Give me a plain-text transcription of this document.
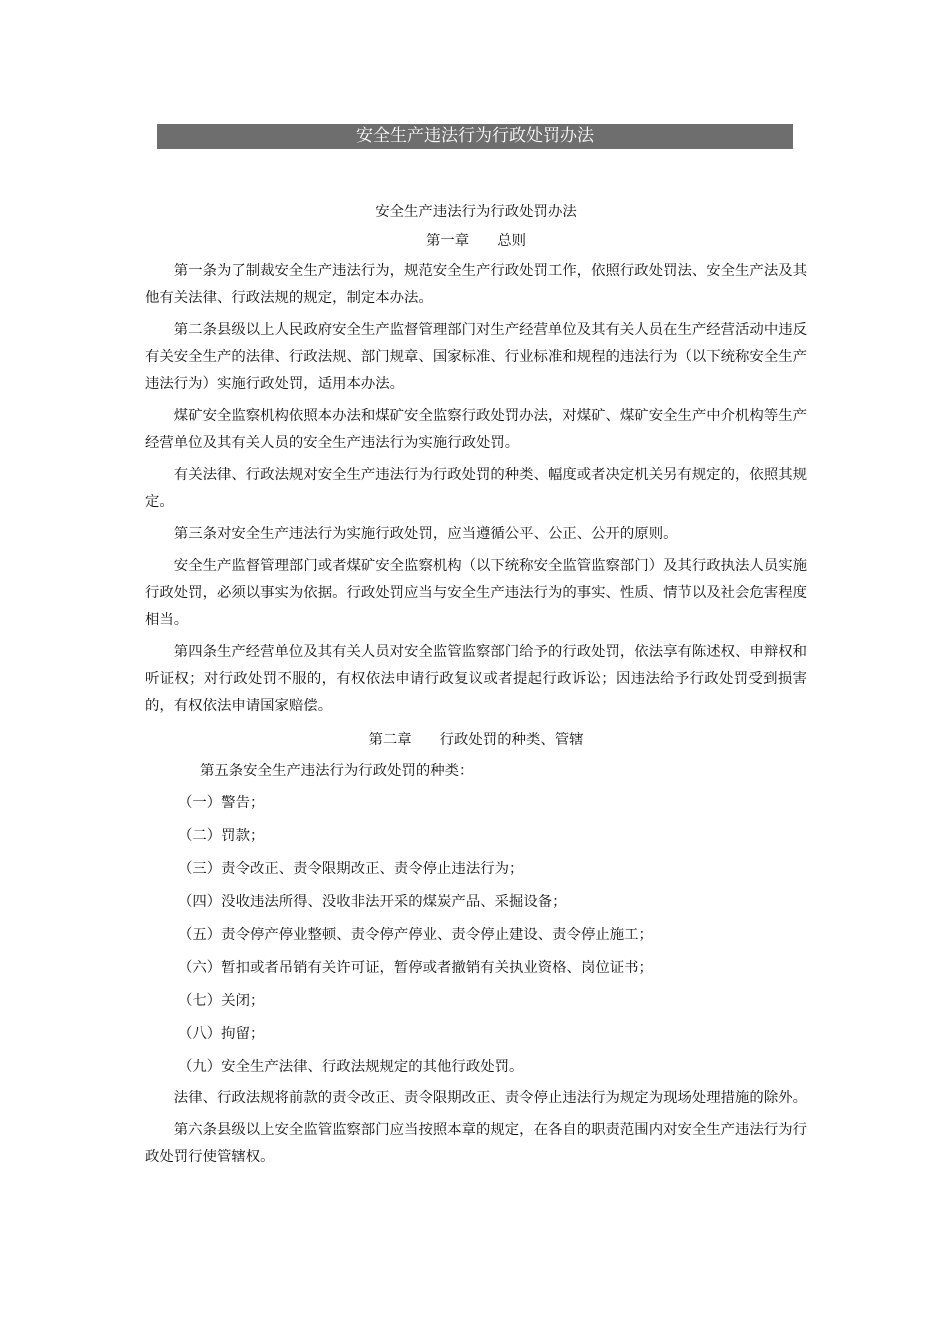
安全生产违法行为行政处罚办法

安全生产违法行为行政处罚办法

第一章 总则

第一条为了制裁安全生产违法行为，规范安全生产行政处罚工作，依照行政处罚法、安全生产法及其他有关法律、行政法规的规定，制定本办法。

第二条县级以上人民政府安全生产监督管理部门对生产经营单位及其有关人员在生产经营活动中违反有关安全生产的法律、行政法规、部门规章、国家标准、行业标准和规程的违法行为（以下统称安全生产违法行为）实施行政处罚，适用本办法。

煤矿安全监察机构依照本办法和煤矿安全监察行政处罚办法，对煤矿、煤矿安全生产中介机构等生产经营单位及其有关人员的安全生产违法行为实施行政处罚。

有关法律、行政法规对安全生产违法行为行政处罚的种类、幅度或者决定机关另有规定的，依照其规定。

第三条对安全生产违法行为实施行政处罚，应当遵循公平、公正、公开的原则。

安全生产监督管理部门或者煤矿安全监察机构（以下统称安全监管监察部门）及其行政执法人员实施行政处罚，必须以事实为依据。行政处罚应当与安全生产违法行为的事实、性质、情节以及社会危害程度相当。

第四条生产经营单位及其有关人员对安全监管监察部门给予的行政处罚，依法享有陈述权、申辩权和听证权；对行政处罚不服的，有权依法申请行政复议或者提起行政诉讼；因违法给予行政处罚受到损害的，有权依法申请国家赔偿。

第二章 行政处罚的种类、管辖

第五条安全生产违法行为行政处罚的种类：

（一）警告；

（二）罚款；

（三）责令改正、责令限期改正、责令停止违法行为；

（四）没收违法所得、没收非法开采的煤炭产品、采掘设备；

（五）责令停产停业整顿、责令停产停业、责令停止建设、责令停止施工；

（六）暂扣或者吊销有关许可证，暂停或者撤销有关执业资格、岗位证书；

（七）关闭；

（八）拘留；

（九）安全生产法律、行政法规规定的其他行政处罚。

法律、行政法规将前款的责令改正、责令限期改正、责令停止违法行为规定为现场处理措施的除外。

第六条县级以上安全监管监察部门应当按照本章的规定，在各自的职责范围内对安全生产违法行为行政处罚行使管辖权。
